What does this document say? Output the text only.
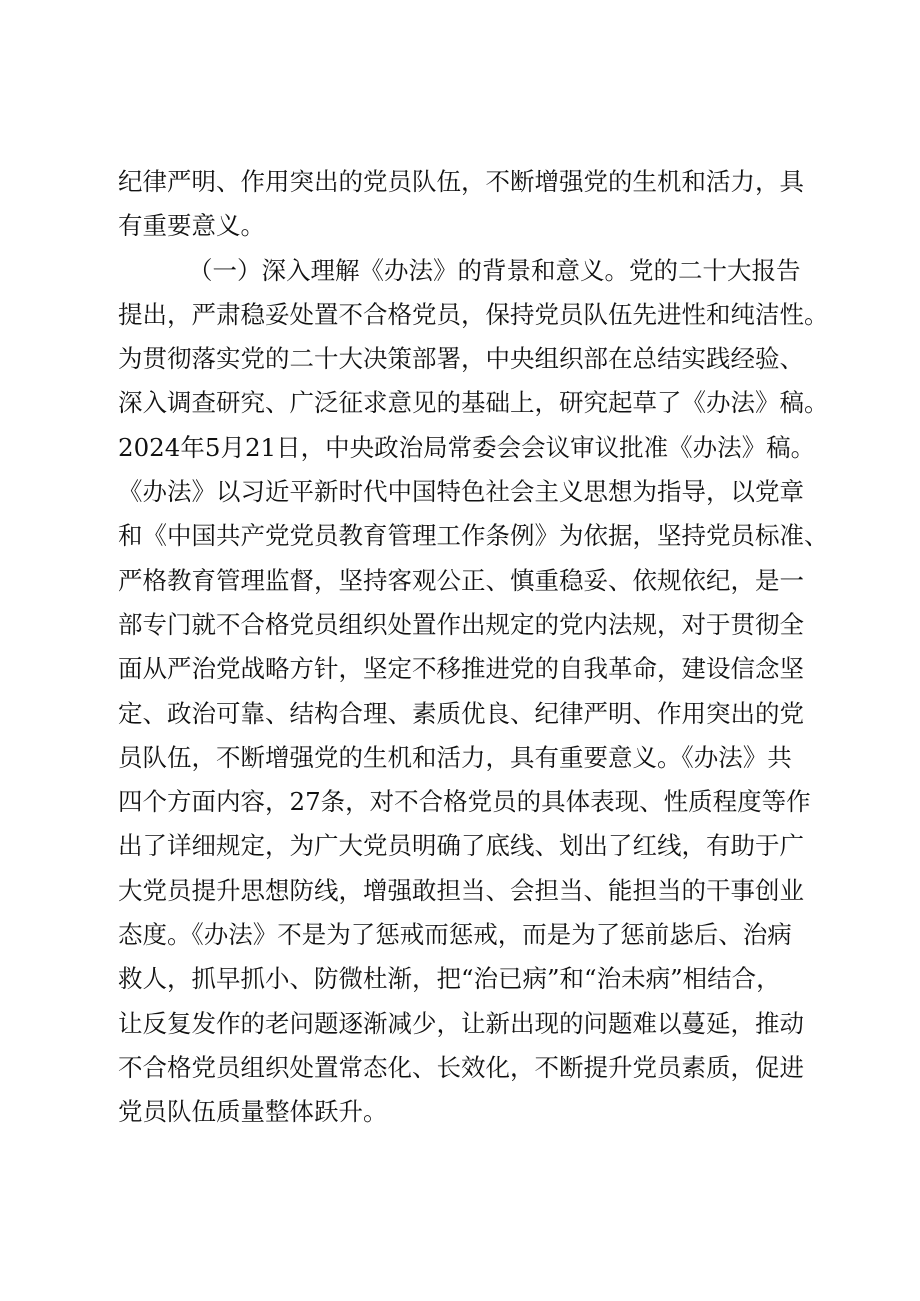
纪律严明、作用突出的党员队伍，不断增强党的生机和活力，具
有重要意义。
（一）深入理解《办法》的背景和意义。党的二十大报告
提出，严肃稳妥处置不合格党员，保持党员队伍先进性和纯洁性。
为贯彻落实党的二十大决策部署，中央组织部在总结实践经验、
深入调查研究、广泛征求意见的基础上，研究起草了《办法》稿。
2024年5月21日，中央政治局常委会会议审议批准《办法》稿。
《办法》以习近平新时代中国特色社会主义思想为指导，以党章
和《中国共产党党员教育管理工作条例》为依据，坚持党员标准、
严格教育管理监督，坚持客观公正、慎重稳妥、依规依纪，是一
部专门就不合格党员组织处置作出规定的党内法规，对于贯彻全
面从严治党战略方针，坚定不移推进党的自我革命，建设信念坚
定、政治可靠、结构合理、素质优良、纪律严明、作用突出的党
员队伍，不断增强党的生机和活力，具有重要意义。《办法》共
四个方面内容，27条，对不合格党员的具体表现、性质程度等作
出了详细规定，为广大党员明确了底线、划出了红线，有助于广
大党员提升思想防线，增强敢担当、会担当、能担当的干事创业
态度。《办法》不是为了惩戒而惩戒，而是为了惩前毖后、治病
救人，抓早抓小、防微杜渐，把“治已病”和“治未病”相结合，
让反复发作的老问题逐渐减少，让新出现的问题难以蔓延，推动
不合格党员组织处置常态化、长效化，不断提升党员素质，促进
党员队伍质量整体跃升。
